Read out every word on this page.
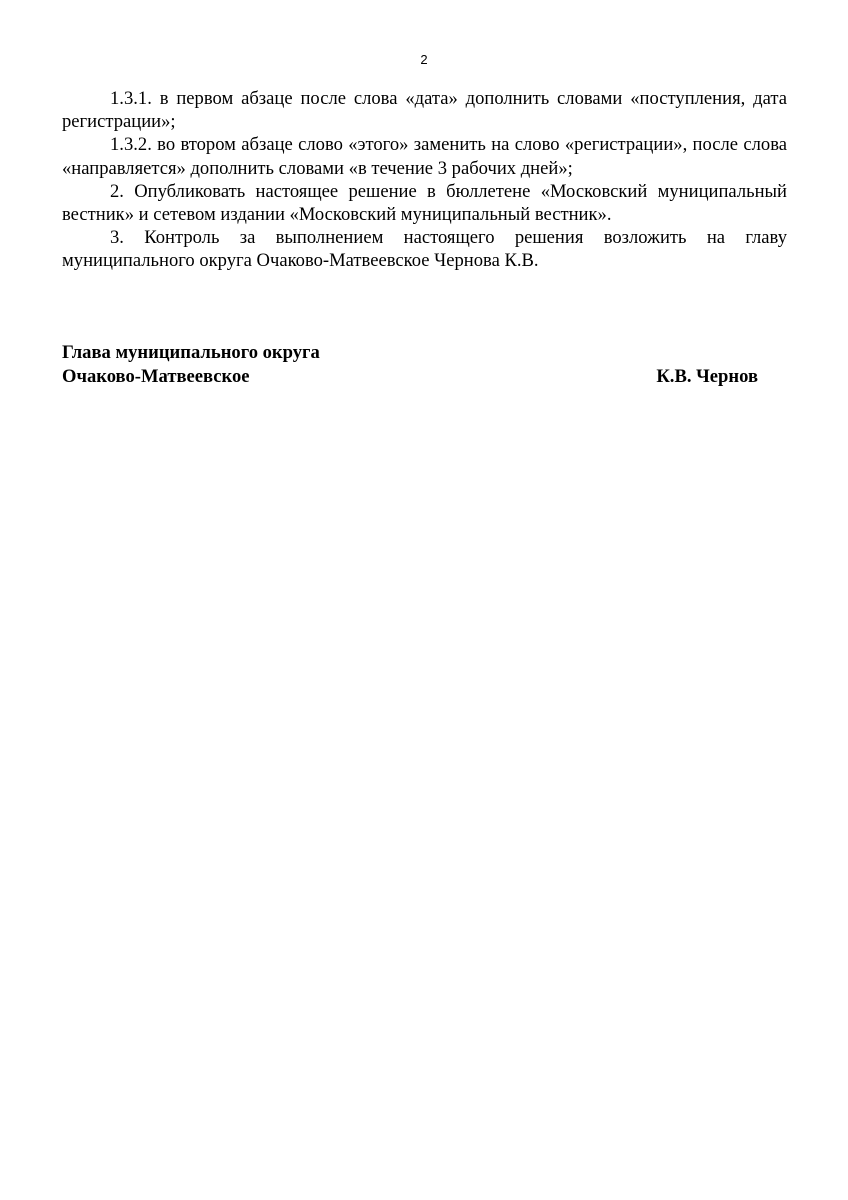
2

1.3.1. в первом абзаце после слова «дата» дополнить словами «поступления, дата регистрации»;

1.3.2. во втором абзаце слово «этого» заменить на слово «регистрации», после слова «направляется» дополнить словами «в течение 3 рабочих дней»;

2. Опубликовать настоящее решение в бюллетене «Московский муниципальный вестник» и сетевом издании «Московский муниципальный вестник».

3. Контроль за выполнением настоящего решения возложить на главу муниципального округа Очаково-Матвеевское Чернова К.В.

Глава муниципального округа
Очаково-Матвеевское	К.В. Чернов
